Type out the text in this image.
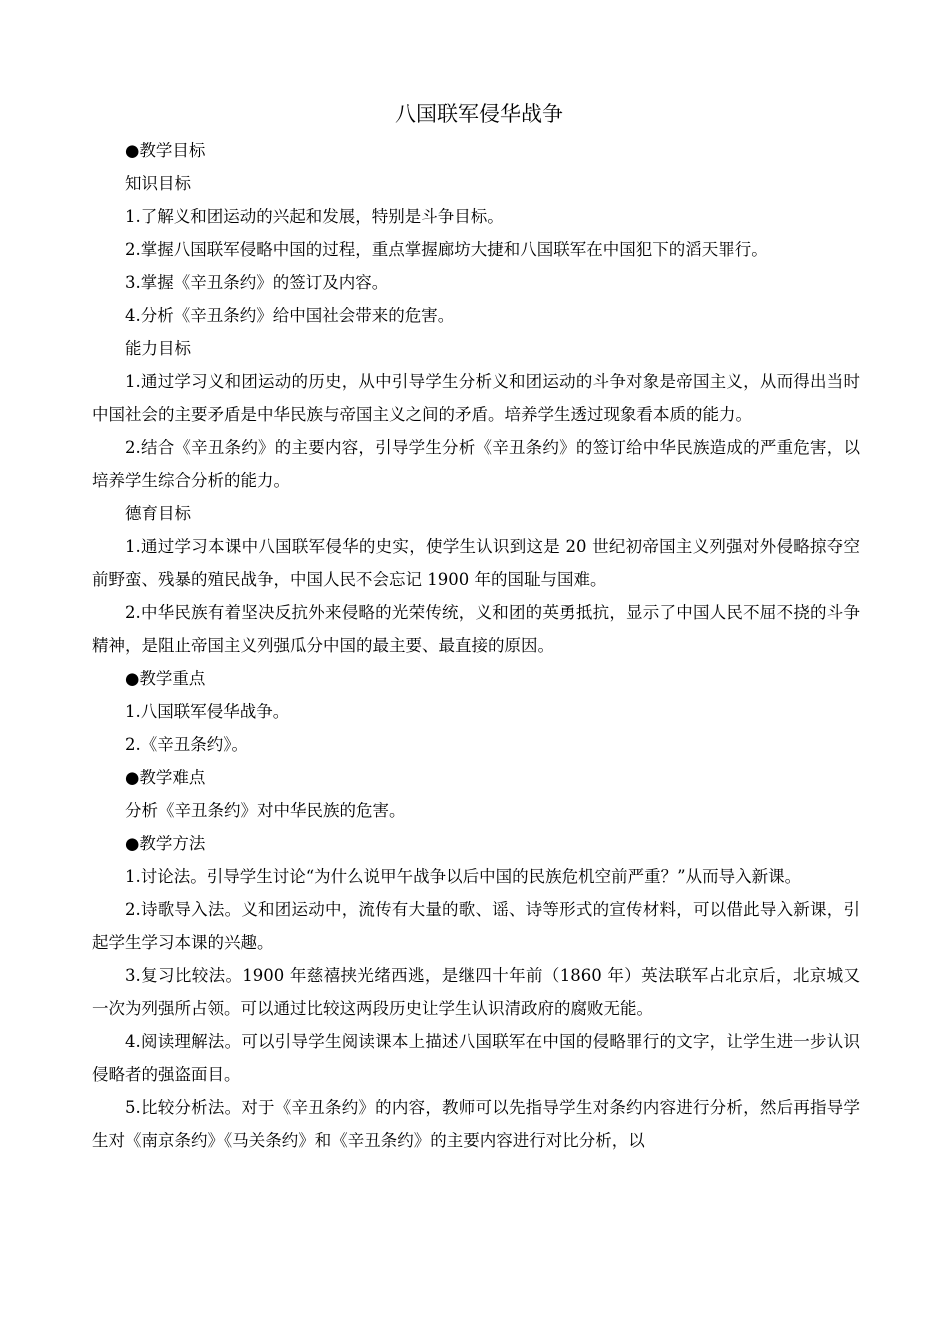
八国联军侵华战争

●教学目标

知识目标

1.了解义和团运动的兴起和发展，特别是斗争目标。

2.掌握八国联军侵略中国的过程，重点掌握廊坊大捷和八国联军在中国犯下的滔天罪行。

3.掌握《辛丑条约》的签订及内容。

4.分析《辛丑条约》给中国社会带来的危害。

能力目标

1.通过学习义和团运动的历史，从中引导学生分析义和团运动的斗争对象是帝国主义，从而得出当时中国社会的主要矛盾是中华民族与帝国主义之间的矛盾。培养学生透过现象看本质的能力。

2.结合《辛丑条约》的主要内容，引导学生分析《辛丑条约》的签订给中华民族造成的严重危害，以培养学生综合分析的能力。

德育目标

1.通过学习本课中八国联军侵华的史实，使学生认识到这是 20 世纪初帝国主义列强对外侵略掠夺空前野蛮、残暴的殖民战争，中国人民不会忘记 1900 年的国耻与国难。

2.中华民族有着坚决反抗外来侵略的光荣传统，义和团的英勇抵抗，显示了中国人民不屈不挠的斗争精神，是阻止帝国主义列强瓜分中国的最主要、最直接的原因。

●教学重点

1.八国联军侵华战争。

2.《辛丑条约》。

●教学难点

分析《辛丑条约》对中华民族的危害。

●教学方法

1.讨论法。引导学生讨论“为什么说甲午战争以后中国的民族危机空前严重？”从而导入新课。

2.诗歌导入法。义和团运动中，流传有大量的歌、谣、诗等形式的宣传材料，可以借此导入新课，引起学生学习本课的兴趣。

3.复习比较法。1900 年慈禧挟光绪西逃，是继四十年前（1860 年）英法联军占北京后，北京城又一次为列强所占领。可以通过比较这两段历史让学生认识清政府的腐败无能。

4.阅读理解法。可以引导学生阅读课本上描述八国联军在中国的侵略罪行的文字，让学生进一步认识侵略者的强盗面目。

5.比较分析法。对于《辛丑条约》的内容，教师可以先指导学生对条约内容进行分析，然后再指导学生对《南京条约》《马关条约》和《辛丑条约》的主要内容进行对比分析，以
